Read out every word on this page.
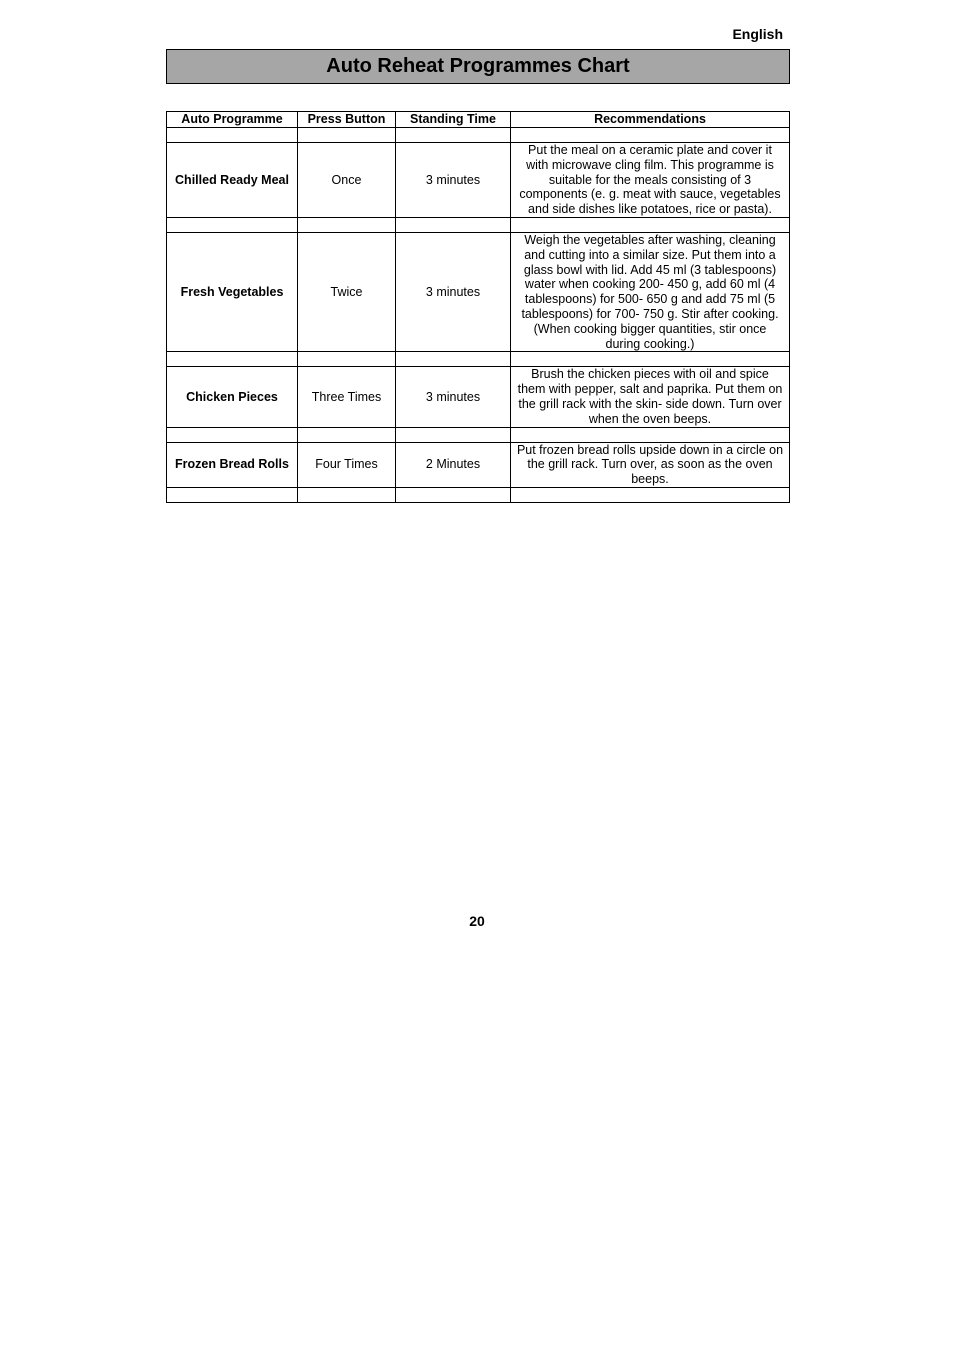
English
Auto Reheat Programmes Chart
Auto Programme	Press Button	Standing Time	Recommendations

Chilled Ready Meal	Once	3 minutes	Put the meal on a ceramic plate and cover it with microwave cling film. This programme is suitable for the meals consisting of 3 components (e. g. meat with sauce, vegetables and side dishes like potatoes, rice or pasta).

Fresh Vegetables	Twice	3 minutes	Weigh the vegetables after washing, cleaning and cutting into a similar size. Put them into a glass bowl with lid. Add 45 ml (3 tablespoons) water when cooking 200- 450 g, add 60 ml (4 tablespoons) for 500- 650 g and add 75 ml (5 tablespoons) for 700- 750 g. Stir after cooking. (When cooking bigger quantities, stir once during cooking.)

Chicken Pieces	Three Times	3 minutes	Brush the chicken pieces with oil and spice them with pepper, salt and paprika. Put them on the grill rack with the skin- side down. Turn over when the oven beeps.

Frozen Bread Rolls	Four Times	2 Minutes	Put frozen bread rolls upside down in a circle on the grill rack. Turn over, as soon as the oven beeps.

20
